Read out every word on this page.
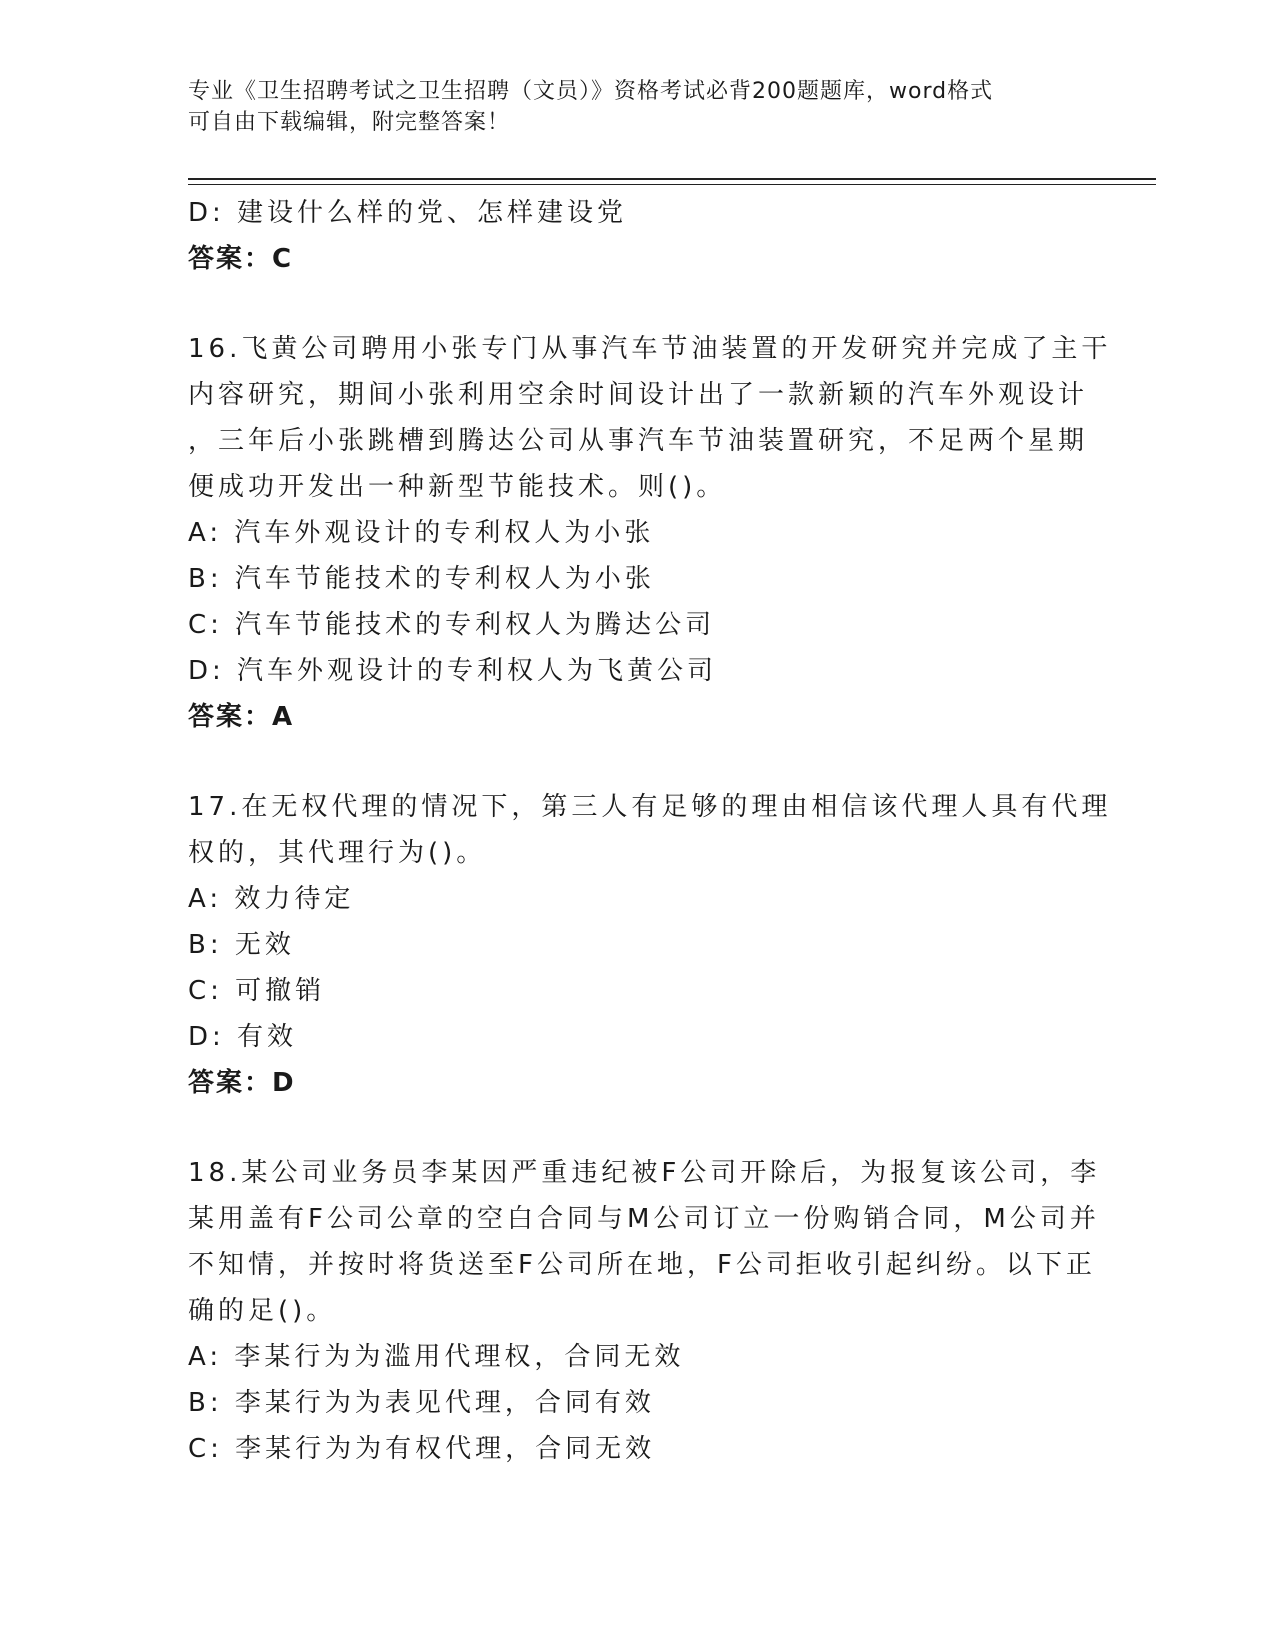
专业《卫生招聘考试之卫生招聘（文员）》资格考试必背200题题库，word格式
可自由下载编辑，附完整答案！
D: 建设什么样的党、怎样建设党
答案：C
16.飞黄公司聘用小张专门从事汽车节油装置的开发研究并完成了主干
内容研究，期间小张利用空余时间设计出了一款新颖的汽车外观设计
，三年后小张跳槽到腾达公司从事汽车节油装置研究，不足两个星期
便成功开发出一种新型节能技术。则()。
A: 汽车外观设计的专利权人为小张
B: 汽车节能技术的专利权人为小张
C: 汽车节能技术的专利权人为腾达公司
D: 汽车外观设计的专利权人为飞黄公司
答案：A
17.在无权代理的情况下，第三人有足够的理由相信该代理人具有代理
权的，其代理行为()。
A: 效力待定
B: 无效
C: 可撤销
D: 有效
答案：D
18.某公司业务员李某因严重违纪被F公司开除后，为报复该公司，李
某用盖有F公司公章的空白合同与M公司订立一份购销合同，M公司并
不知情，并按时将货送至F公司所在地，F公司拒收引起纠纷。以下正
确的足()。
A: 李某行为为滥用代理权，合同无效
B: 李某行为为表见代理，合同有效
C: 李某行为为有权代理，合同无效
